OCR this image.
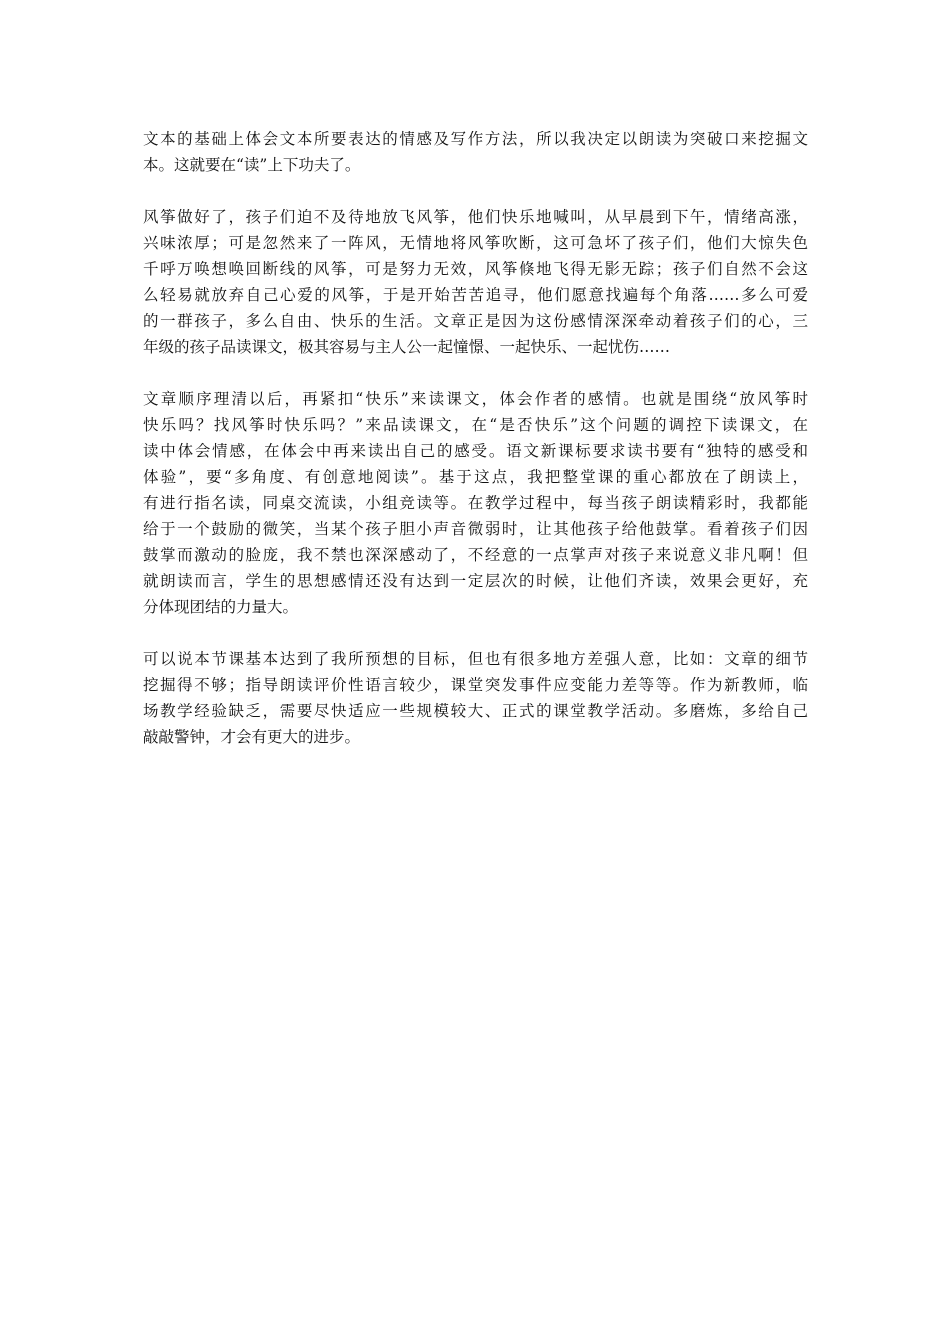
文本的基础上体会文本所要表达的情感及写作方法，所以我决定以朗读为突破口来挖掘文
本。这就要在“读”上下功夫了。

风筝做好了，孩子们迫不及待地放飞风筝，他们快乐地喊叫，从早晨到下午，情绪高涨，
兴味浓厚；可是忽然来了一阵风，无情地将风筝吹断，这可急坏了孩子们，他们大惊失色
千呼万唤想唤回断线的风筝，可是努力无效，风筝倏地飞得无影无踪；孩子们自然不会这
么轻易就放弃自己心爱的风筝，于是开始苦苦追寻，他们愿意找遍每个角落……多么可爱
的一群孩子，多么自由、快乐的生活。文章正是因为这份感情深深牵动着孩子们的心，三
年级的孩子品读课文，极其容易与主人公一起憧憬、一起快乐、一起忧伤……

文章顺序理清以后，再紧扣“快乐”来读课文，体会作者的感情。也就是围绕“放风筝时
快乐吗？找风筝时快乐吗？”来品读课文，在“是否快乐”这个问题的调控下读课文，在
读中体会情感，在体会中再来读出自己的感受。语文新课标要求读书要有“独特的感受和
体验”，要“多角度、有创意地阅读”。基于这点，我把整堂课的重心都放在了朗读上，
有进行指名读，同桌交流读，小组竞读等。在教学过程中，每当孩子朗读精彩时，我都能
给于一个鼓励的微笑，当某个孩子胆小声音微弱时，让其他孩子给他鼓掌。看着孩子们因
鼓掌而激动的脸庞，我不禁也深深感动了，不经意的一点掌声对孩子来说意义非凡啊！但
就朗读而言，学生的思想感情还没有达到一定层次的时候，让他们齐读，效果会更好，充
分体现团结的力量大。

可以说本节课基本达到了我所预想的目标，但也有很多地方差强人意，比如：文章的细节
挖掘得不够；指导朗读评价性语言较少，课堂突发事件应变能力差等等。作为新教师，临
场教学经验缺乏，需要尽快适应一些规模较大、正式的课堂教学活动。多磨炼，多给自己
敲敲警钟，才会有更大的进步。
